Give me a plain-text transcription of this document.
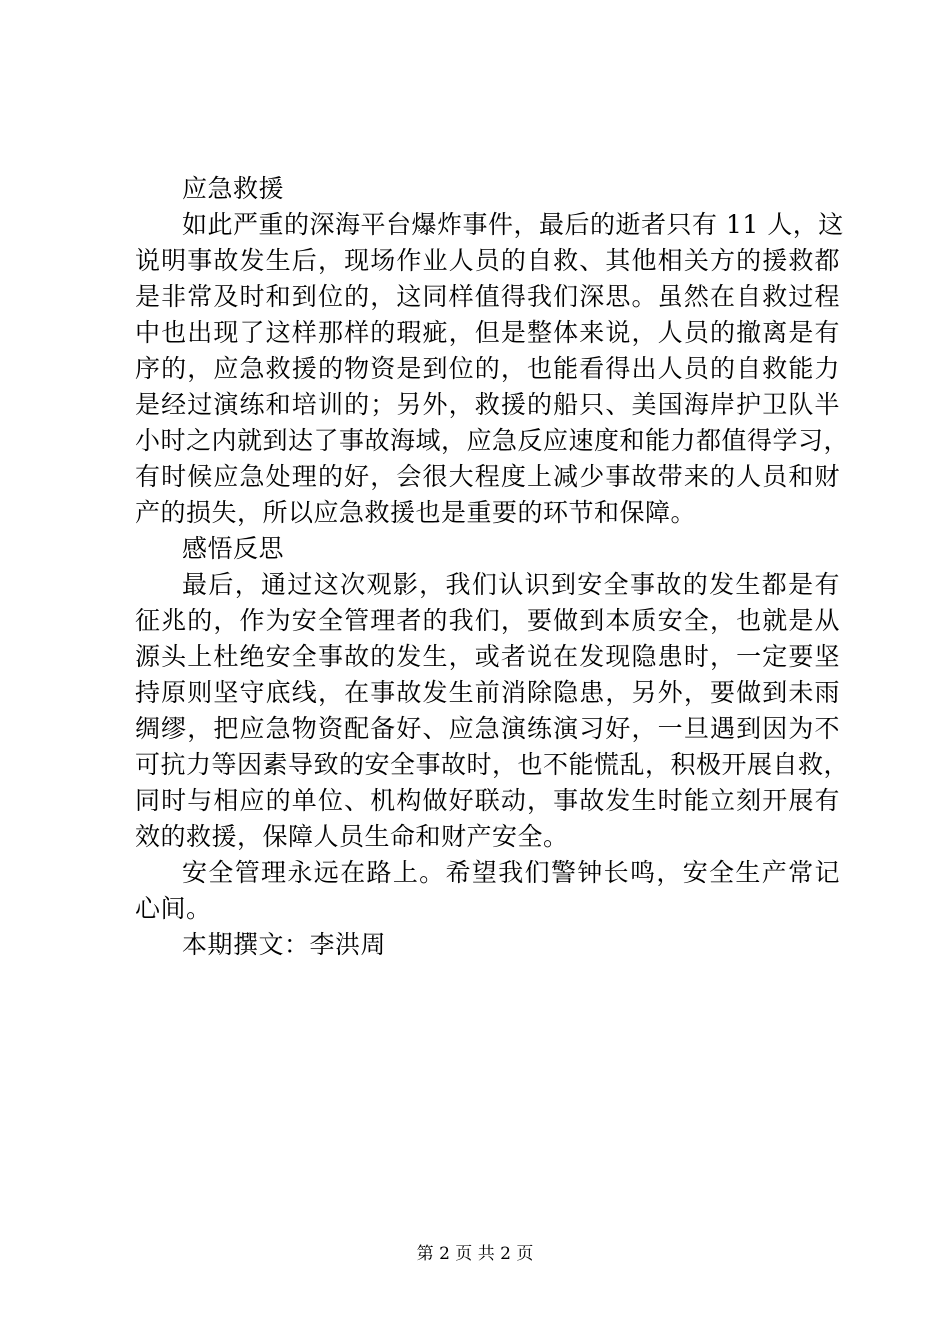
应急救援
如此严重的深海平台爆炸事件，最后的逝者只有 11 人，这
说明事故发生后，现场作业人员的自救、其他相关方的援救都
是非常及时和到位的，这同样值得我们深思。虽然在自救过程
中也出现了这样那样的瑕疵，但是整体来说，人员的撤离是有
序的，应急救援的物资是到位的，也能看得出人员的自救能力
是经过演练和培训的；另外，救援的船只、美国海岸护卫队半
小时之内就到达了事故海域，应急反应速度和能力都值得学习，
有时候应急处理的好，会很大程度上减少事故带来的人员和财
产的损失，所以应急救援也是重要的环节和保障。
感悟反思
最后，通过这次观影，我们认识到安全事故的发生都是有
征兆的，作为安全管理者的我们，要做到本质安全，也就是从
源头上杜绝安全事故的发生，或者说在发现隐患时，一定要坚
持原则坚守底线，在事故发生前消除隐患，另外，要做到未雨
绸缪，把应急物资配备好、应急演练演习好，一旦遇到因为不
可抗力等因素导致的安全事故时，也不能慌乱，积极开展自救，
同时与相应的单位、机构做好联动，事故发生时能立刻开展有
效的救援，保障人员生命和财产安全。
安全管理永远在路上。希望我们警钟长鸣，安全生产常记
心间。
本期撰文：李洪周
第 2 页 共 2 页
